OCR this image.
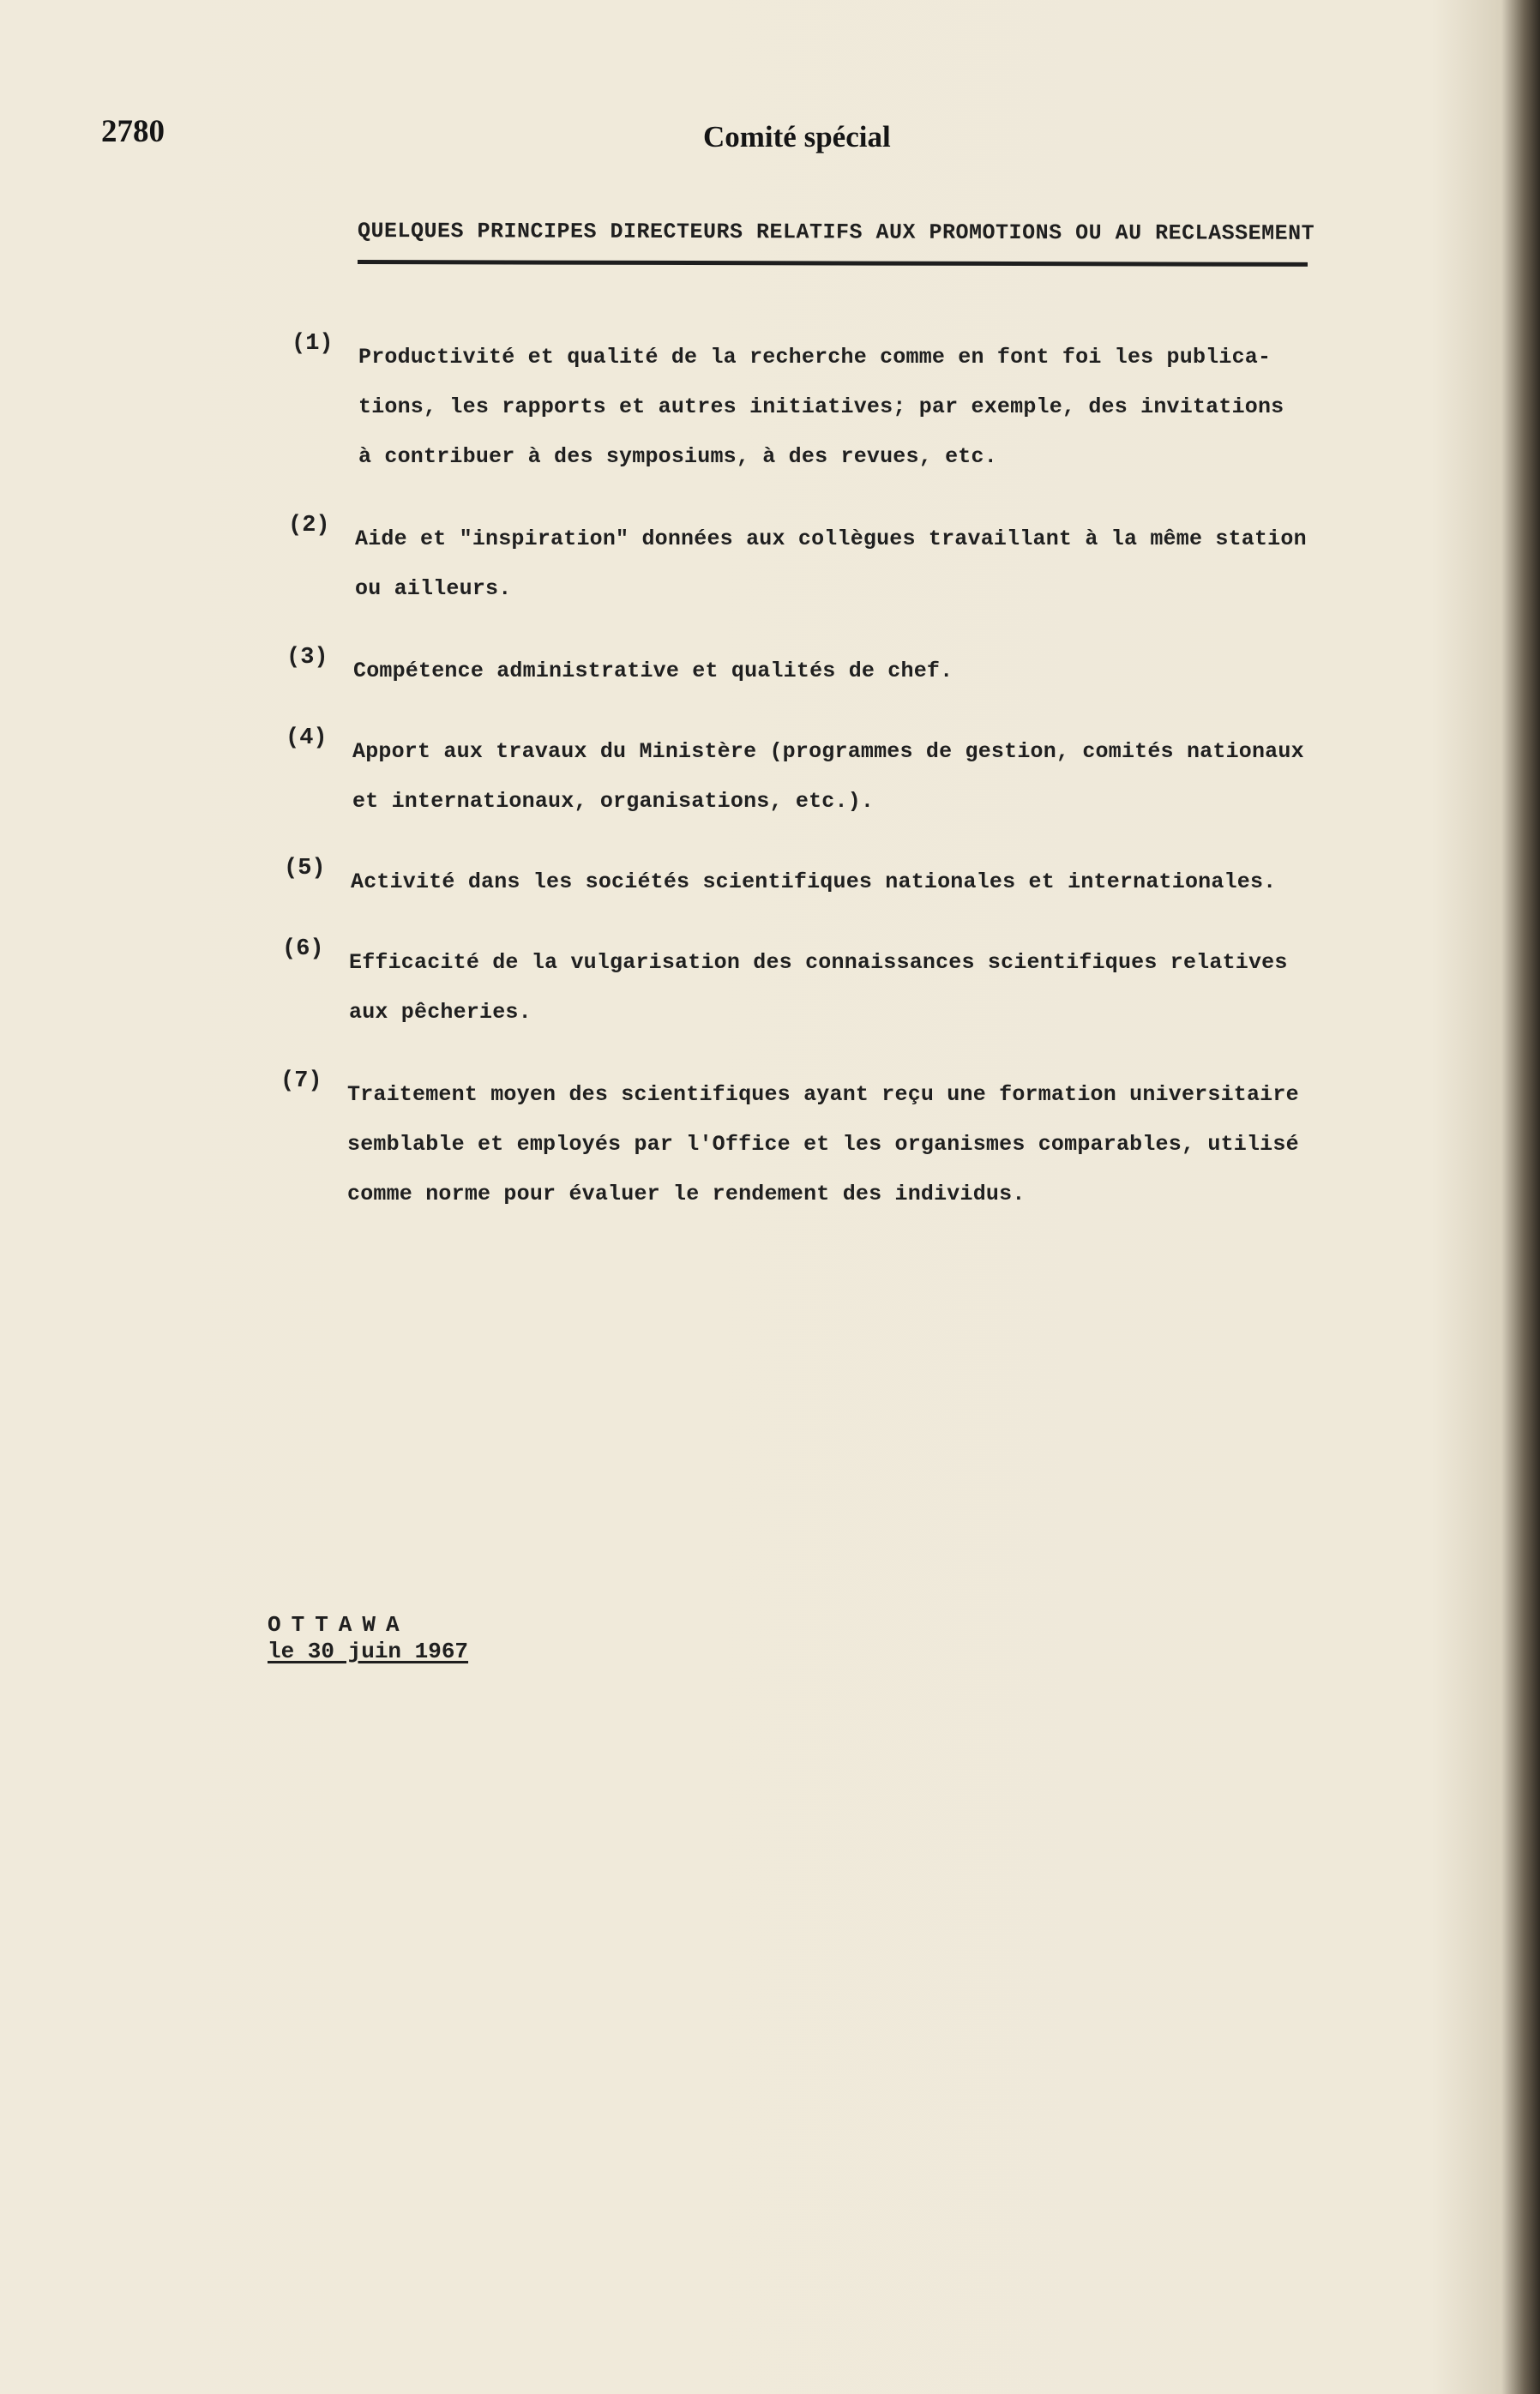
2780	Comité spécial
QUELQUES PRINCIPES DIRECTEURS RELATIFS AUX PROMOTIONS OU AU RECLASSEMENT
(1)
Productivité et qualité de la recherche comme en font foi les publica-
tions, les rapports et autres initiatives; par exemple, des invitations
à contribuer à des symposiums, à des revues, etc.
(2)
Aide et "inspiration" données aux collègues travaillant à la même station
ou ailleurs.
(3)
Compétence administrative et qualités de chef.
(4)
Apport aux travaux du Ministère (programmes de gestion, comités nationaux
et internationaux, organisations, etc.).
(5)
Activité dans les sociétés scientifiques nationales et internationales.
(6)
Efficacité de la vulgarisation des connaissances scientifiques relatives
aux pêcheries.
(7)
Traitement moyen des scientifiques ayant reçu une formation universitaire
semblable et employés par l'Office et les organismes comparables, utilisé
comme norme pour évaluer le rendement des individus.

OTTAWA

le 30 juin 1967
